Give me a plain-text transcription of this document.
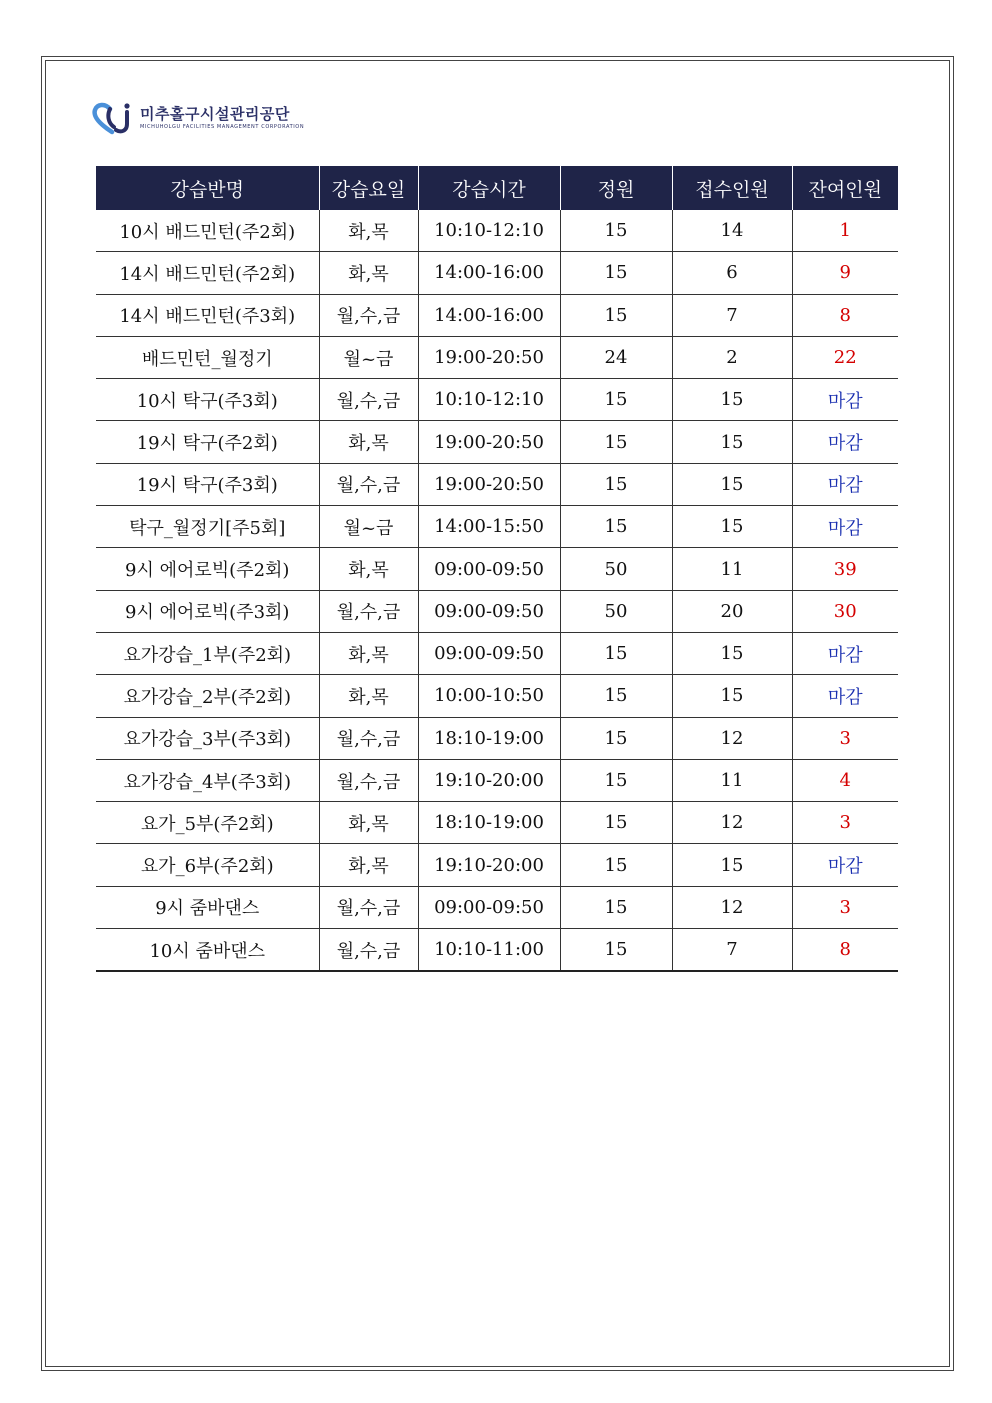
미추홀구시설관리공단
MICHUHOLGU FACILITIES MANAGEMENT CORPORATION
강습반명	강습요일	강습시간	정원	접수인원	잔여인원
10시 배드민턴(주2회)	화,목	10:10-12:10	15	14	1
14시 배드민턴(주2회)	화,목	14:00-16:00	15	6	9
14시 배드민턴(주3회)	월,수,금	14:00-16:00	15	7	8
배드민턴_월정기	월~금	19:00-20:50	24	2	22
10시 탁구(주3회)	월,수,금	10:10-12:10	15	15	마감
19시 탁구(주2회)	화,목	19:00-20:50	15	15	마감
19시 탁구(주3회)	월,수,금	19:00-20:50	15	15	마감
탁구_월정기[주5회]	월~금	14:00-15:50	15	15	마감
9시 에어로빅(주2회)	화,목	09:00-09:50	50	11	39
9시 에어로빅(주3회)	월,수,금	09:00-09:50	50	20	30
요가강습_1부(주2회)	화,목	09:00-09:50	15	15	마감
요가강습_2부(주2회)	화,목	10:00-10:50	15	15	마감
요가강습_3부(주3회)	월,수,금	18:10-19:00	15	12	3
요가강습_4부(주3회)	월,수,금	19:10-20:00	15	11	4
요가_5부(주2회)	화,목	18:10-19:00	15	12	3
요가_6부(주2회)	화,목	19:10-20:00	15	15	마감
9시 줌바댄스	월,수,금	09:00-09:50	15	12	3
10시 줌바댄스	월,수,금	10:10-11:00	15	7	8
